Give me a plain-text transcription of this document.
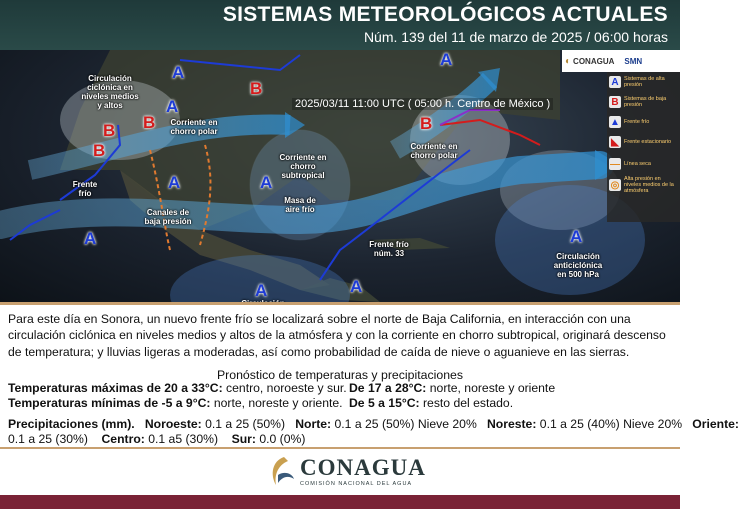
SISTEMAS METEOROLÓGICOS ACTUALES
Núm. 139 del 11 de marzo de 2025 / 06:00 horas
2025/03/11 11:00 UTC ( 05:00 h. Centro de México )
A
A
A	A
A
A
A
A
A
B
B
B
B
B
Circulación ciclónica en niveles medios y altos
Corriente en chorro polar
Corriente en chorro subtropical
Frente frío
Canales de baja presión
Masa de aire frío
Corriente en chorro polar
Frente frío núm. 33	Circulación anticiclónica en 500 hPa
◐ CONAGUA SMN
A Sistemas de alta presión
B Sistemas de baja presión
▲ Frente frío
◣ Frente estacionario
— Línea seca
◎
Alta presión en niveles medios de la atmósfera
Para este día en Sonora, un nuevo frente frío se localizará sobre el norte de Baja California, en interacción con una circulación ciclónica en niveles medios y altos de la atmósfera y con la corriente en chorro subtropical, originará descenso de temperatura; y lluvias ligeras a moderadas, así como probabilidad de caída de nieve o aguanieve en las sierras.
Pronóstico de temperaturas y precipitaciones
Temperaturas máximas de 20 a 33°C: centro, noroeste y sur. De 17 a 28°C: norte, noreste y oriente
Temperaturas mínimas de -5 a 9°C: norte, noreste y oriente. De 5 a 15°C: resto del estado.
Precipitaciones (mm). Noroeste: 0.1 a 25 (50%) Norte: 0.1 a 25 (50%) Nieve 20% Noreste: 0.1 a 25 (40%) Nieve 20% Oriente:
0.1 a 25 (30%) Centro: 0.1 a5 (30%) Sur: 0.0 (0%)
CONAGUA
COMISIÓN NACIONAL DEL AGUA
